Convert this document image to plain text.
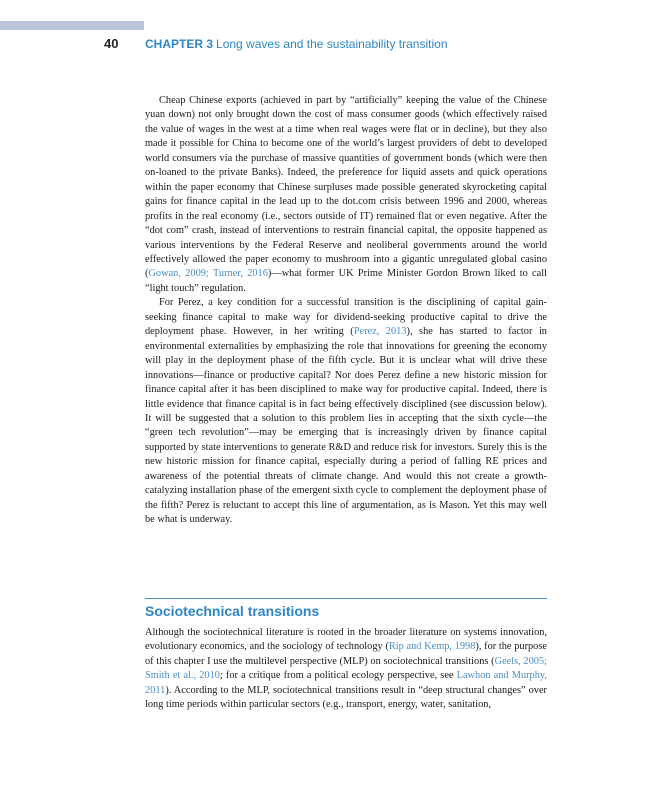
40 CHAPTER 3 Long waves and the sustainability transition

Cheap Chinese exports (achieved in part by “artificially” keeping the value of the Chinese yuan down) not only brought down the cost of mass consumer goods (which effectively raised the value of wages in the west at a time when real wages were flat or in decline), but they also made it possible for China to become one of the world’s largest providers of debt to developed world consumers via the purchase of massive quantities of government bonds (which were then on-loaned to the private Banks). Indeed, the preference for liquid assets and quick operations within the paper economy that Chinese surpluses made possible generated skyrocketing capital gains for finance capital in the lead up to the dot.com crisis between 1996 and 2000, whereas profits in the real economy (i.e., sectors outside of IT) remained flat or even negative. After the “dot com” crash, instead of interventions to restrain financial capital, the opposite happened as various interventions by the Federal Reserve and neoliberal governments around the world effectively allowed the paper economy to mushroom into a gigantic unregulated global casino (Gowan, 2009; Turner, 2016)—what former UK Prime Minister Gordon Brown liked to call “light touch” regulation.

For Perez, a key condition for a successful transition is the disciplining of capital gain-seeking finance capital to make way for dividend-seeking productive capital to drive the deployment phase. However, in her writing (Perez, 2013), she has started to factor in environmental externalities by emphasizing the role that innovations for greening the economy will play in the deployment phase of the fifth cycle. But it is unclear what will drive these innovations—finance or productive capital? Nor does Perez define a new historic mission for finance capital after it has been disciplined to make way for productive capital. Indeed, there is little evidence that finance capital is in fact being effectively disciplined (see discussion below). It will be suggested that a solution to this problem lies in accepting that the sixth cycle—the “green tech revolution”—may be emerging that is increasingly driven by finance capital supported by state interventions to generate R&D and reduce risk for investors. Surely this is the new historic mission for finance capital, especially during a period of falling RE prices and awareness of the potential threats of climate change. And would this not create a growth-catalyzing installation phase of the emergent sixth cycle to complement the deployment phase of the fifth? Perez is reluctant to accept this line of argumentation, as is Mason. Yet this may well be what is underway.

Sociotechnical transitions

Although the sociotechnical literature is rooted in the broader literature on systems innovation, evolutionary economics, and the sociology of technology (Rip and Kemp, 1998), for the purpose of this chapter I use the multilevel perspective (MLP) on sociotechnical transitions (Geels, 2005; Smith et al., 2010; for a critique from a political ecology perspective, see Lawhon and Murphy, 2011). According to the MLP, sociotechnical transitions result in “deep structural changes” over long time periods within particular sectors (e.g., transport, energy, water, sanitation,
